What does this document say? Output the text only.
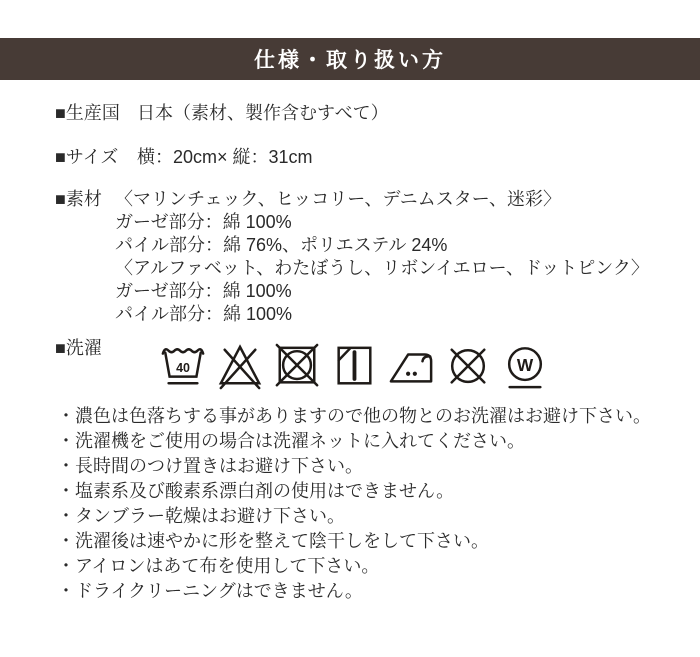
仕様・取り扱い方
■生産国 日本（素材、製作含むすべて）
■サイズ	横：20cm× 縦：31cm
■素材 〈マリンチェック、ヒッコリー、デニムスター、迷彩〉
ガーゼ部分：綿 100%
パイル部分：綿 76%、ポリエステル 24%
〈アルファベット、わたぼうし、リボンイエロー、ドットピンク〉
ガーゼ部分：綿 100%
パイル部分：綿 100%
■洗濯
40	W
・濃色は色落ちする事がありますので他の物とのお洗濯はお避け下さい。
・洗濯機をご使用の場合は洗濯ネットに入れてください。
・長時間のつけ置きはお避け下さい。
・塩素系及び酸素系漂白剤の使用はできません。
・タンブラー乾燥はお避け下さい。
・洗濯後は速やかに形を整えて陰干しをして下さい。
・アイロンはあて布を使用して下さい。
・ドライクリーニングはできません。
